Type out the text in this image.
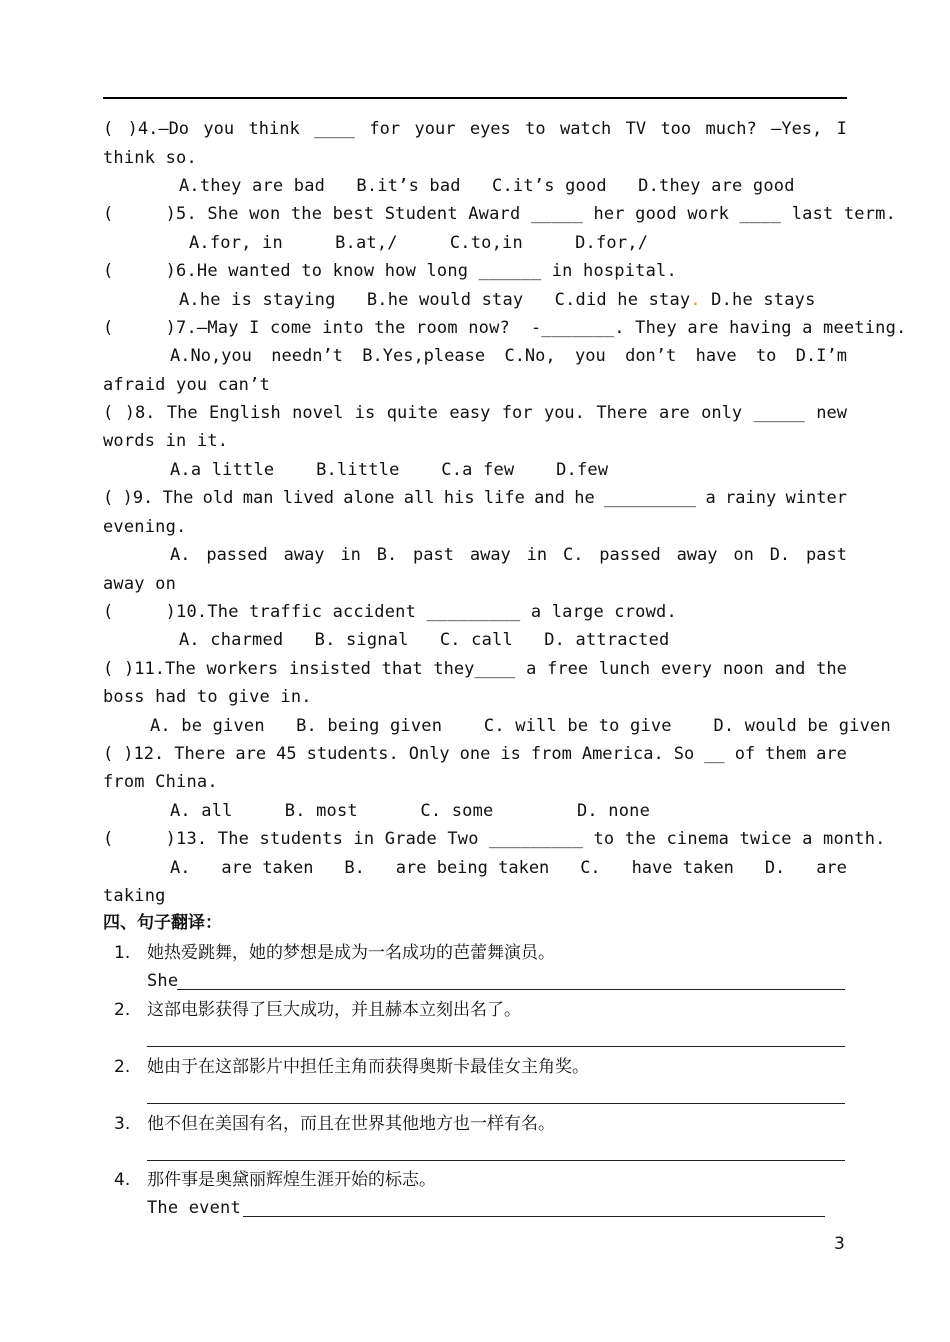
( )4.—Do you think ____ for your eyes to watch TV too much? –Yes, I
think so.
A.they are bad   B.it’s bad   C.it’s good   D.they are good
(     )5. She won the best Student Award _____ her good work ____ last term.
A.for, in     B.at,/     C.to,in     D.for,/
(     )6.He wanted to know how long ______ in hospital.
A.he is staying   B.he would stay   C.did he stay. D.he stays
(     )7.—May I come into the room now?  -_______. They are having a meeting.
A.No,you needn’t B.Yes,please C.No, you don’t have to D.I’m
afraid you can’t
( )8. The English novel is quite easy for you. There are only _____ new
words in it.
A.a little    B.little    C.a few    D.few
( )9. The old man lived alone all his life and he _________ a rainy winter
evening.
A. passed away in B. past away in C. passed away on D. past
away on
(     )10.The traffic accident _________ a large crowd.
A. charmed   B. signal   C. call   D. attracted
( )11.The workers insisted that they____ a free lunch every noon and the
boss had to give in.
A. be given   B. being given    C. will be to give    D. would be given
( )12. There are 45 students. Only one is from America. So __ of them are
from China.
A. all     B. most      C. some        D. none
(     )13. The students in Grade Two _________ to the cinema twice a month.
A. are taken B. are being taken C. have taken D. are
taking
四、句子翻译：
1. 她热爱跳舞，她的梦想是成为一名成功的芭蕾舞演员。
She
2. 这部电影获得了巨大成功，并且赫本立刻出名了。
2. 她由于在这部影片中担任主角而获得奥斯卡最佳女主角奖。
3. 他不但在美国有名，而且在世界其他地方也一样有名。
4. 那件事是奥黛丽辉煌生涯开始的标志。
The event
3
